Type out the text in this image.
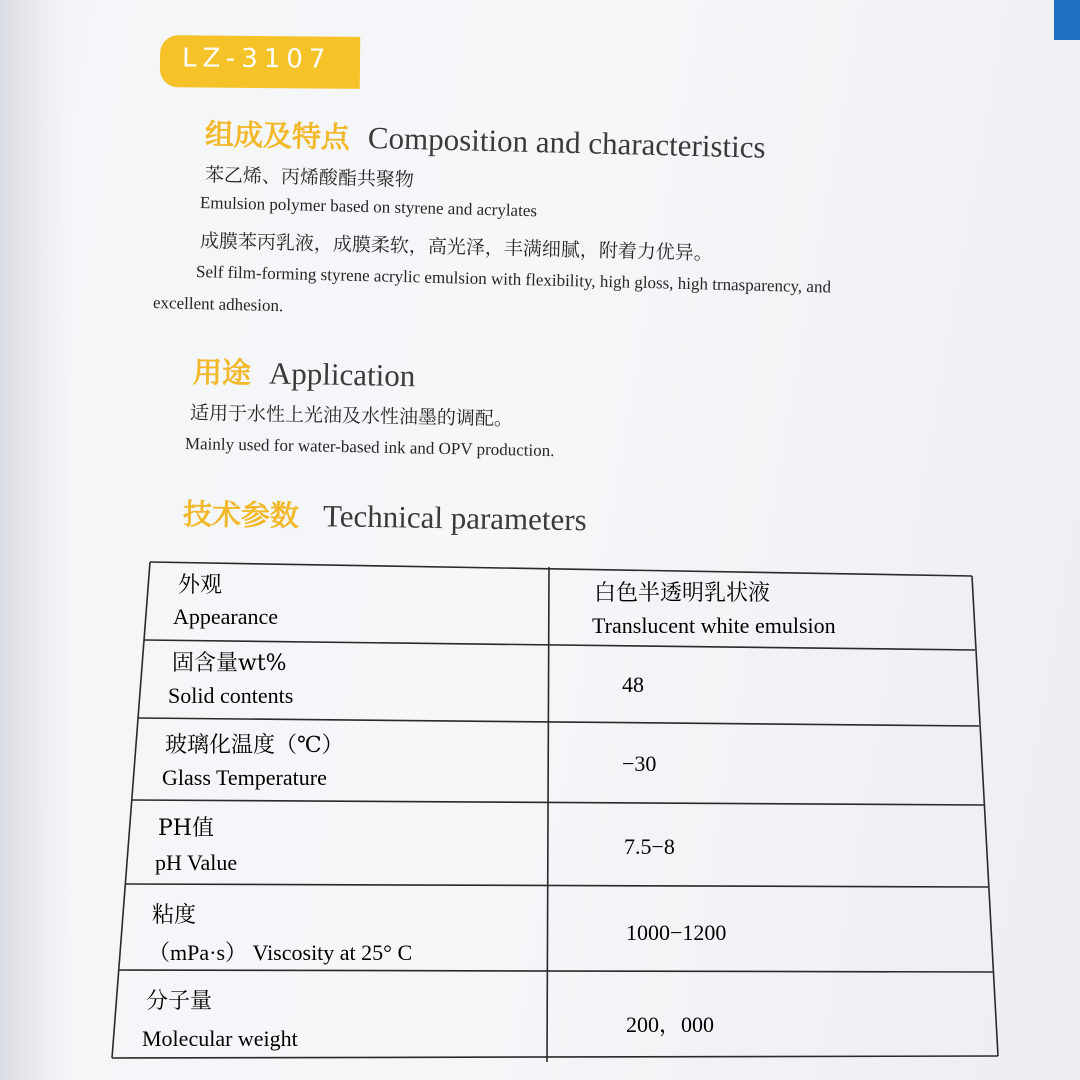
LZ-3107
组成及特点 Composition and characteristics
苯乙烯、丙烯酸酯共聚物
Emulsion polymer based on styrene and acrylates
成膜苯丙乳液，成膜柔软，高光泽，丰满细腻，附着力优异。
Self film-forming styrene acrylic emulsion with flexibility, high gloss, high trnasparency, and
excellent adhesion.
用途 Application
适用于水性上光油及水性油墨的调配。
Mainly used for water-based ink and OPV production.
技术参数 Technical parameters
外观
Appearance
白色半透明乳状液
Translucent white emulsion
固含量wt%
Solid contents	48
玻璃化温度（℃）
Glass Temperature
−30
PH值
pH Value
7.5−8
粘度
（mPa·s） Viscosity at 25° C
1000−1200
分子量
Molecular weight
200，000
